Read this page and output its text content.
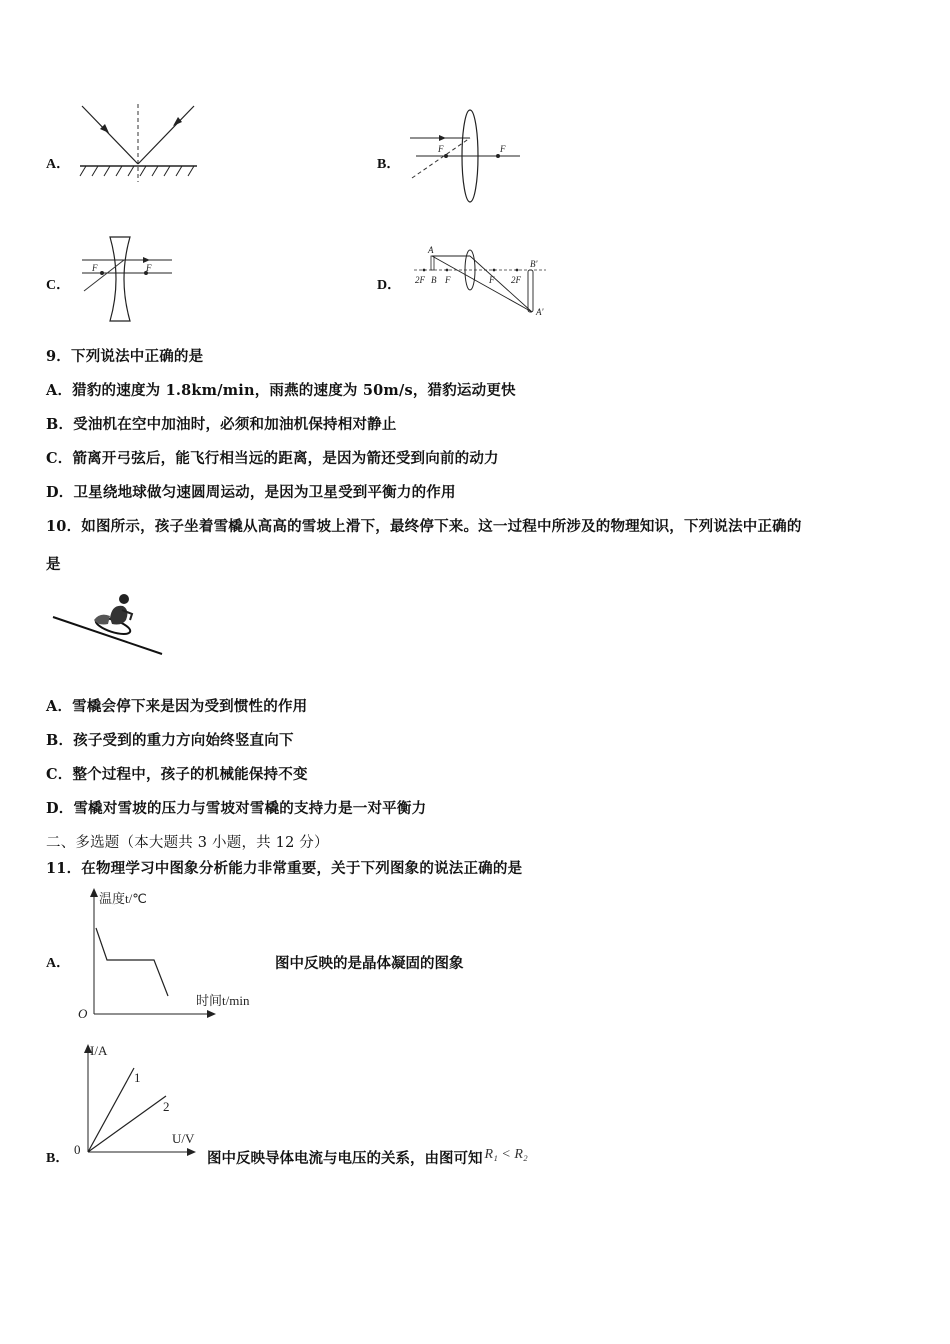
A．	B．
F	F
C．
F	F
D．
A
2F B F	F 2F
B'
A'
9．下列说法中正确的是
A．猎豹的速度为 1.8km/min，雨燕的速度为 50m/s，猎豹运动更快
B．受油机在空中加油时，必须和加油机保持相对静止
C．箭离开弓弦后，能飞行相当远的距离，是因为箭还受到向前的动力
D．卫星绕地球做匀速圆周运动，是因为卫星受到平衡力的作用
10．如图所示，孩子坐着雪橇从高高的雪坡上滑下，最终停下来。这一过程中所涉及的物理知识，下列说法中正确的
是
A．雪橇会停下来是因为受到惯性的作用
B．孩子受到的重力方向始终竖直向下
C．整个过程中，孩子的机械能保持不变
D．雪橇对雪坡的压力与雪坡对雪橇的支持力是一对平衡力
二、多选题（本大题共 3 小题，共 12 分）
11．在物理学习中图象分析能力非常重要，关于下列图象的说法正确的是
A．
温度t/℃
时间t/min
O
图中反映的是晶体凝固的图象
B．
I/A
U/V
0
1
2
图中反映导体电流与电压的关系，由图可知 R₁ < R₂
